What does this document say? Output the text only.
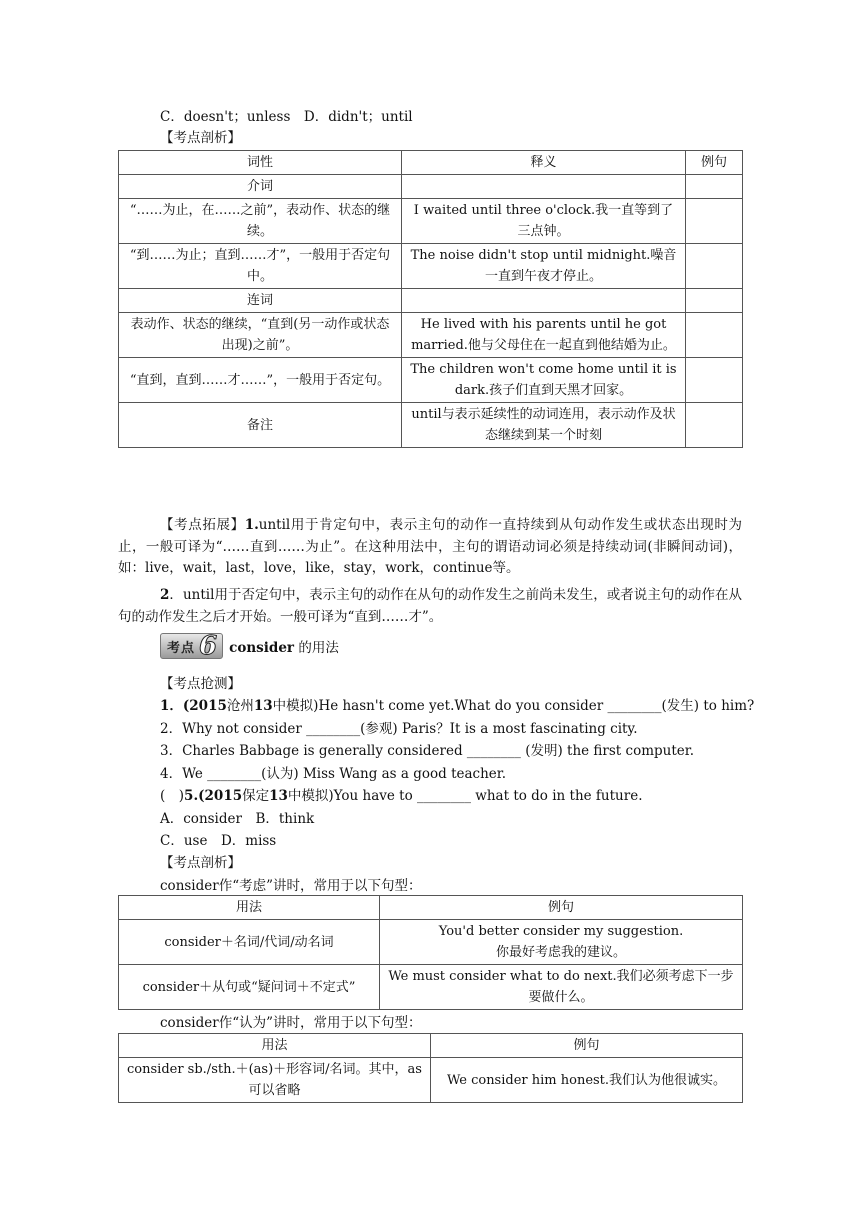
C．doesn't；unless　D．didn't；until
【考点剖析】
词性	释义	例句
介词		
“……为止，在……之前”，表动作、状态的继续。	I waited until three o'clock.我一直等到了三点钟。	
“到……为止；直到……才”，一般用于否定句中。	The noise didn't stop until midnight.噪音一直到午夜才停止。	
连词		
表动作、状态的继续，“直到(另一动作或状态出现)之前”。	He lived with his parents until he got married.他与父母住在一起直到他结婚为止。	
“直到，直到……才……”，一般用于否定句。	The children won't come home until it is dark.孩子们直到天黑才回家。	
备注	until与表示延续性的动词连用，表示动作及状态继续到某一个时刻	
【考点拓展】1.until用于肯定句中，表示主句的动作一直持续到从句动作发生或状态出现时为止，一般可译为“……直到……为止”。在这种用法中，主句的谓语动词必须是持续动词(非瞬间动词)，如：live，wait，last，love，like，stay，work，continue等。
2．until用于否定句中，表示主句的动作在从句的动作发生之前尚未发生，或者说主句的动作在从句的动作发生之后才开始。一般可译为“直到……才”。
考点 6 consider 的用法
【考点抢测】
1．(2015沧州13中模拟)He hasn't come yet.What do you consider ________(发生) to him?
2．Why not consider ________(参观) Paris？It is a most fascinating city.
3．Charles Babbage is generally considered ________ (发明) the first computer.
4．We ________(认为) Miss Wang as a good teacher.
(　)5.(2015保定13中模拟)You have to ________ what to do in the future.
A．consider　B．think
C．use　D．miss
【考点剖析】
consider作“考虑”讲时，常用于以下句型：
用法	例句
consider＋名词/代词/动名词	You'd better consider my suggestion.
你最好考虑我的建议。
consider＋从句或“疑问词＋不定式”	We must consider what to do next.我们必须考虑下一步要做什么。
consider作“认为”讲时，常用于以下句型：
用法	例句
consider sb./sth.＋(as)＋形容词/名词。其中，as可以省略	We consider him honest.我们认为他很诚实。
